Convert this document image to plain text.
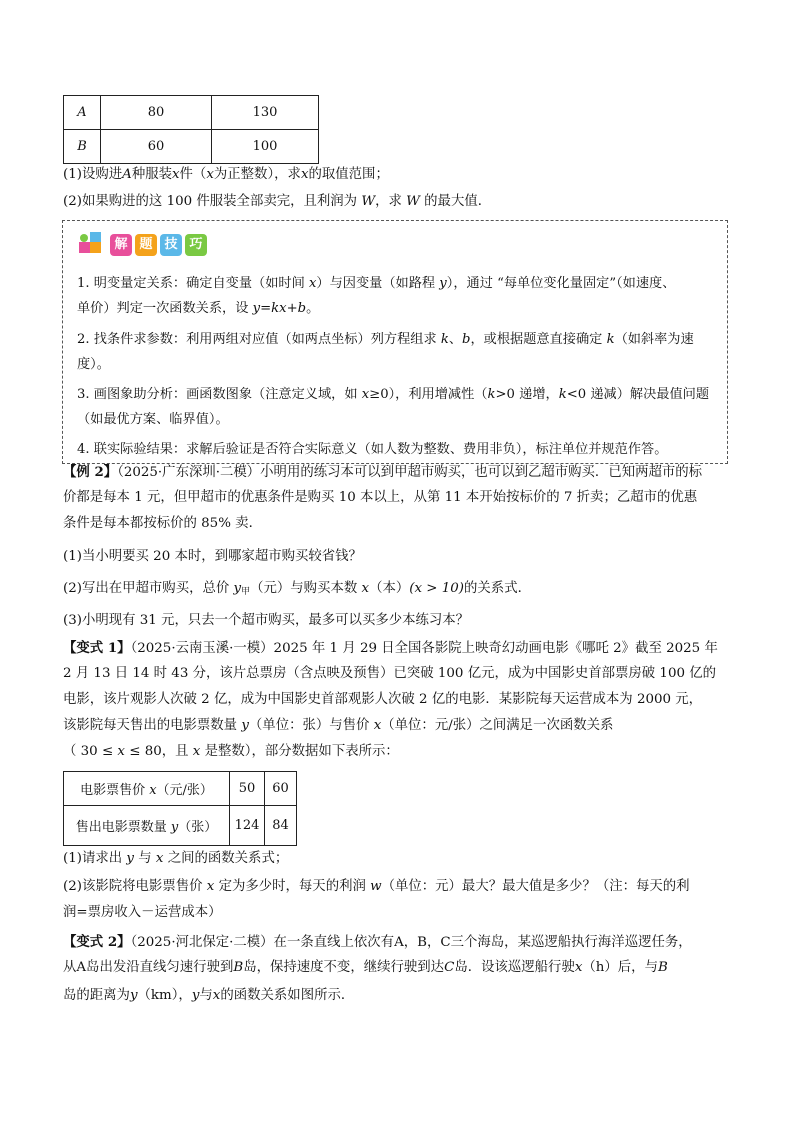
A	80	130
B	60	100
(1)设购进A种服装x件（x为正整数），求x的取值范围；
(2)如果购进的这 100 件服装全部卖完，且利润为 W，求 W 的最大值．
解 题 技 巧
1. 明变量定关系：确定自变量（如时间 x）与因变量（如路程 y），通过 “每单位变化量固定”（如速度、
单价）判定一次函数关系，设 y=kx+b。
2. 找条件求参数：利用两组对应值（如两点坐标）列方程组求 k、b，或根据题意直接确定 k（如斜率为速
度）。
3. 画图象助分析：画函数图象（注意定义域，如 x≥0），利用增减性（k>0 递增，k<0 递减）解决最值问题
（如最优方案、临界值）。
4. 联实际验结果：求解后验证是否符合实际意义（如人数为整数、费用非负），标注单位并规范作答。
【例 2】（2025·广东深圳·二模）小明用的练习本可以到甲超市购买，也可以到乙超市购买．已知两超市的标
价都是每本 1 元，但甲超市的优惠条件是购买 10 本以上，从第 11 本开始按标价的 7 折卖；乙超市的优惠
条件是每本都按标价的 85% 卖．
(1)当小明要买 20 本时，到哪家超市购买较省钱？
(2)写出在甲超市购买，总价 $y_甲$（元）与购买本数 x（本）(x > 10)的关系式．
(3)小明现有 31 元，只去一个超市购买，最多可以买多少本练习本？
【变式 1】（2025·云南玉溪·一模）2025 年 1 月 29 日全国各影院上映奇幻动画电影《哪吒 2》截至 2025 年
2 月 13 日 14 时 43 分，该片总票房（含点映及预售）已突破 100 亿元，成为中国影史首部票房破 100 亿的
电影，该片观影人次破 2 亿，成为中国影史首部观影人次破 2 亿的电影．某影院每天运营成本为 2000 元，
该影院每天售出的电影票数量 y（单位：张）与售价 x（单位：元/张）之间满足一次函数关系
（ 30 ≤ x ≤ 80，且 x 是整数），部分数据如下表所示：
电影票售价 x（元/张）	50	60
售出电影票数量 y（张）	124	84
(1)请求出 y 与 x 之间的函数关系式；
(2)该影院将电影票售价 x 定为多少时，每天的利润 w（单位：元）最大？最大值是多少？（注：每天的利
润=票房收入－运营成本）
【变式 2】（2025·河北保定·二模）在一条直线上依次有A，B，C三个海岛，某巡逻船执行海洋巡逻任务，
从A岛出发沿直线匀速行驶到B岛，保持速度不变，继续行驶到达C岛．设该巡逻船行驶x（h）后，与B
岛的距离为y（km），y与x的函数关系如图所示．
